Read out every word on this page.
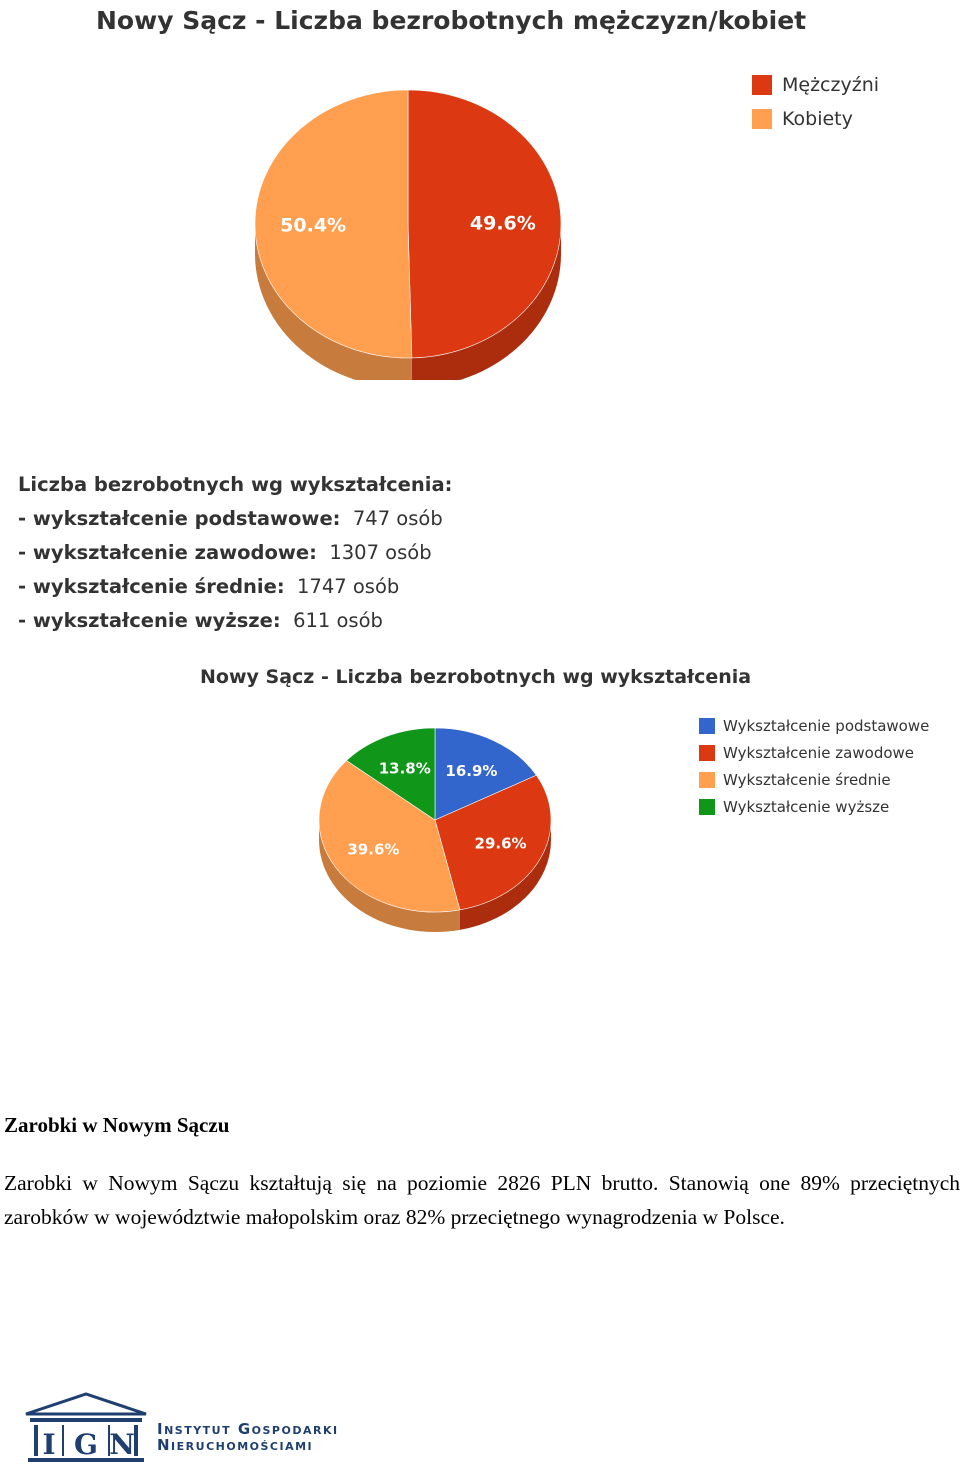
Nowy Sącz - Liczba bezrobotnych mężczyzn/kobiet
49.6%
50.4%
Mężczyźni
Kobiety
Liczba bezrobotnych wg wykształcenia:
- wykształcenie podstawowe: 747 osób
- wykształcenie zawodowe: 1307 osób
- wykształcenie średnie: 1747 osób
- wykształcenie wyższe: 611 osób
Nowy Sącz - Liczba bezrobotnych wg wykształcenia
16.9%
29.6%
39.6%
13.8%
Wykształcenie podstawowe
Wykształcenie zawodowe
Wykształcenie średnie
Wykształcenie wyższe
Zarobki w Nowym Sączu

Zarobki w Nowym Sączu kształtują się na poziomie 2826 PLN brutto. Stanowią one 89% przeciętnych zarobków w województwie małopolskim oraz 82% przeciętnego wynagrodzenia w Polsce.

I G N Instytut Gospodarki
Nieruchomościami
